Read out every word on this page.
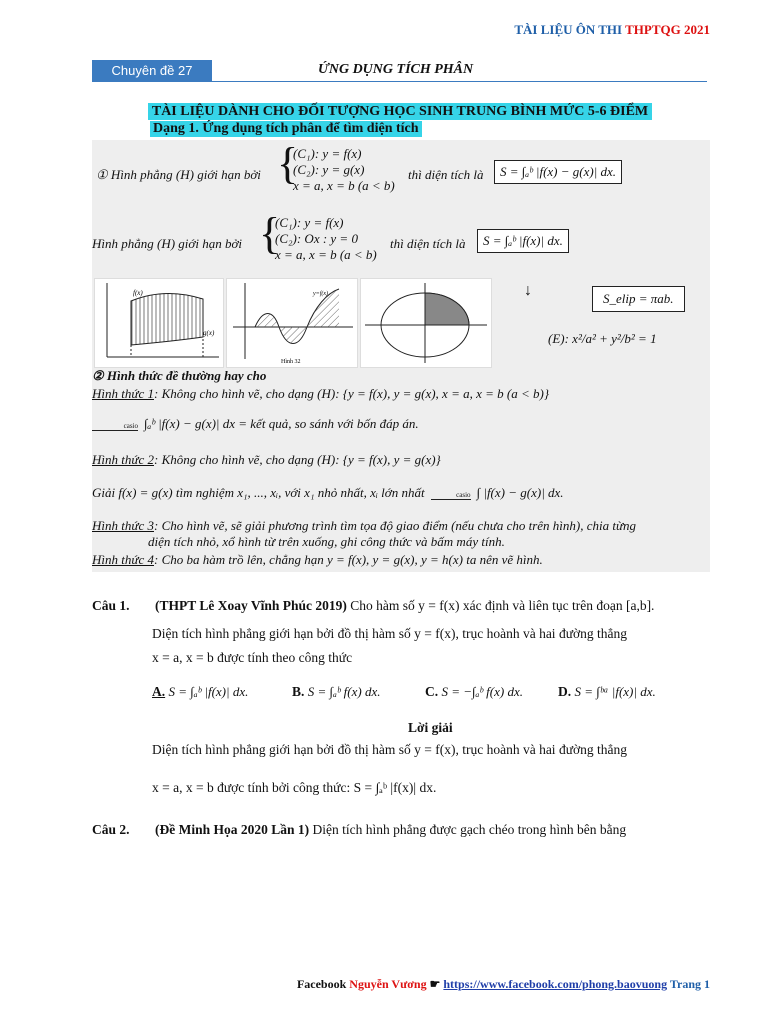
TÀI LIỆU ÔN THI THPTQG 2021
Chuyên đề 27	ỨNG DỤNG TÍCH PHÂN
TÀI LIỆU DÀNH CHO ĐỐI TƯỢNG HỌC SINH TRUNG BÌNH MỨC 5-6 ĐIỂM
Dạng 1. Ứng dụng tích phân để tìm diện tích
① Hình phẳng (H) giới hạn bởi {
(C₁): y = f(x)
(C₂): y = g(x)
x = a, x = b (a < b)
thì diện tích là	S = ∫ₐᵇ |f(x) − g(x)| dx.
Hình phẳng (H) giới hạn bởi {
(C₁): y = f(x)
(C₂): Ox : y = 0
x = a, x = b (a < b)
thì diện tích là	S = ∫ₐᵇ |f(x)| dx.
f(x)
g(x)
y=f(x)
Hình 32
↓	S_elip = πab.
(E): x²/a² + y²/b² = 1
② Hình thức đề thường hay cho
Hình thức 1: Không cho hình vẽ, cho dạng (H): {y = f(x), y = g(x), x = a, x = b (a < b)}
casio ∫ₐᵇ |f(x) − g(x)| dx = kết quả, so sánh với bốn đáp án.
Hình thức 2: Không cho hình vẽ, cho dạng (H): {y = f(x), y = g(x)}
Giải f(x) = g(x) tìm nghiệm x₁, ..., xᵢ, với x₁ nhỏ nhất, xᵢ lớn nhất	casio ∫ |f(x) − g(x)| dx.
Hình thức 3: Cho hình vẽ, sẽ giải phương trình tìm tọa độ giao điểm (nếu chưa cho trên hình), chia từng
diện tích nhỏ, xổ hình từ trên xuống, ghi công thức và bấm máy tính.
Hình thức 4: Cho ba hàm trồ lên, chẳng hạn y = f(x), y = g(x), y = h(x) ta nên vẽ hình.
Câu 1. (THPT Lê Xoay Vĩnh Phúc 2019) Cho hàm số y = f(x) xác định và liên tục trên đoạn [a,b].
Diện tích hình phẳng giới hạn bởi đồ thị hàm số y = f(x), trục hoành và hai đường thẳng
x = a, x = b được tính theo công thức
A. S = ∫ₐᵇ |f(x)| dx.	B. S = ∫ₐᵇ f(x) dx.	C. S = −∫ₐᵇ f(x) dx.	D. S = ∫ᵇᵃ |f(x)| dx.
Lời giải
Diện tích hình phẳng giới hạn bởi đồ thị hàm số y = f(x), trục hoành và hai đường thẳng
x = a, x = b được tính bởi công thức: S = ∫ₐᵇ |f(x)| dx.
Câu 2. (Đề Minh Họa 2020 Lần 1) Diện tích hình phẳng được gạch chéo trong hình bên bằng
Facebook Nguyễn Vương ☛ https://www.facebook.com/phong.baovuong Trang 1
